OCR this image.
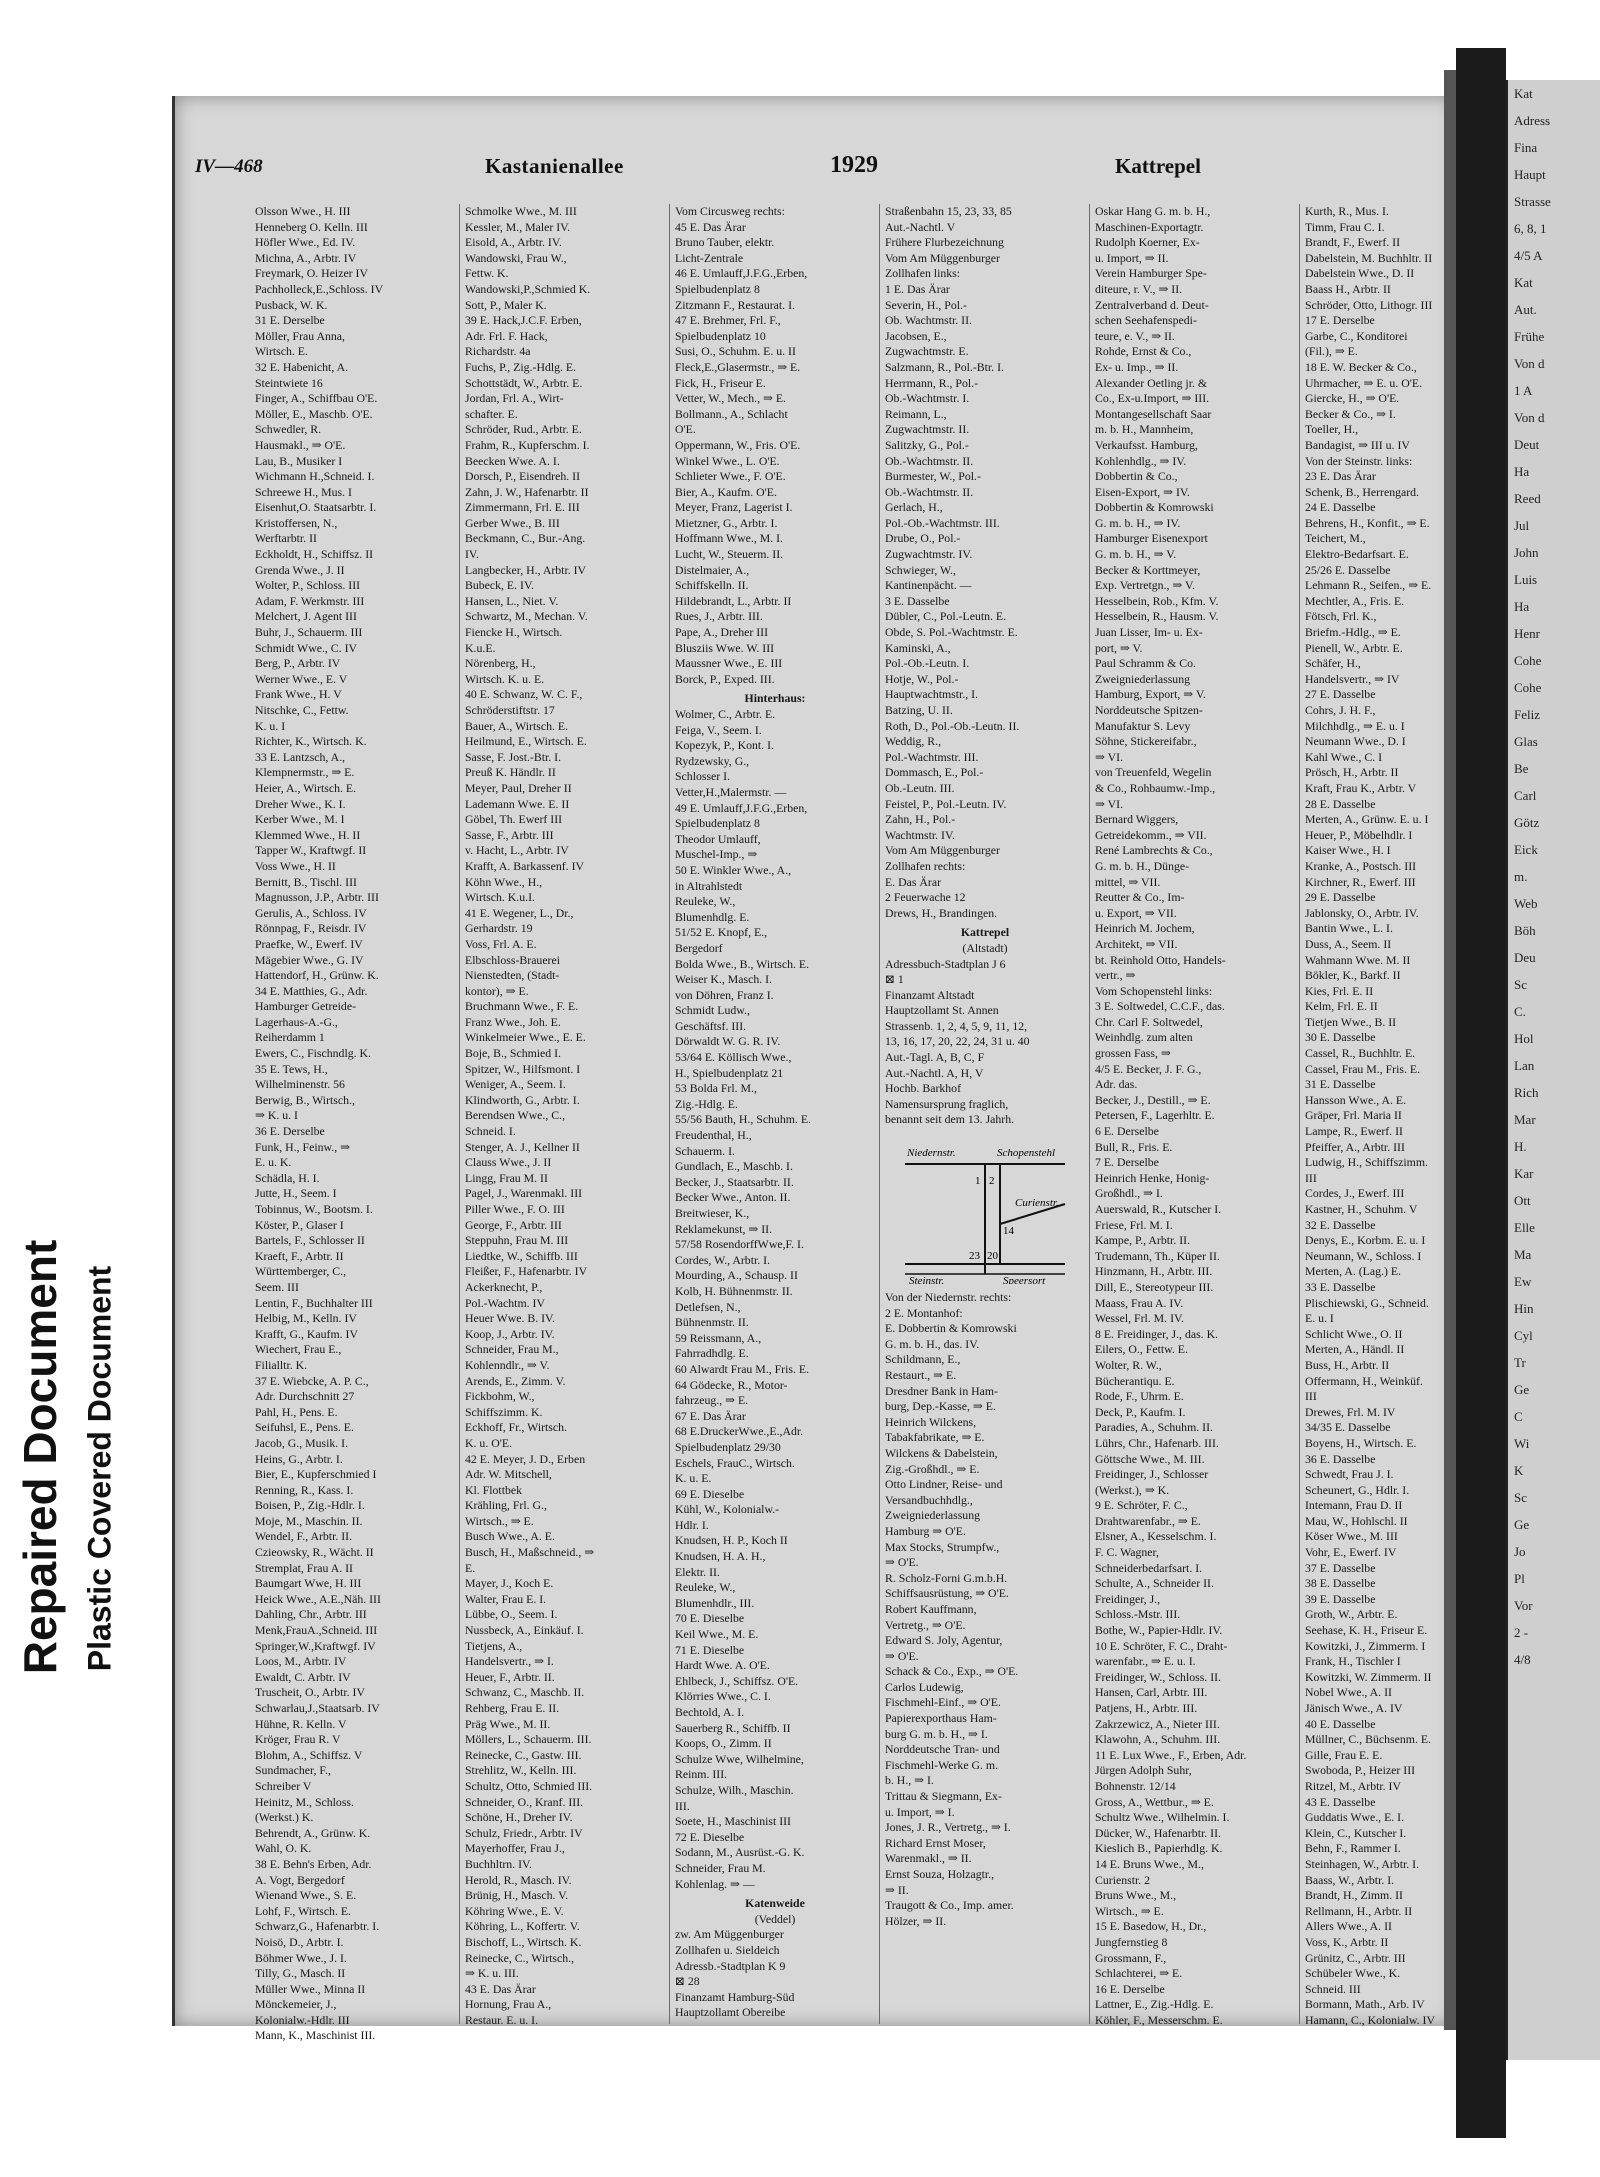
Repaired Document Plastic Covered Document
IV—468	Kastanienallee	1929	Kattrepel
Olsson Wwe., H. III
Henneberg O. Kelln. III
Höfler Wwe., Ed. IV.
Michna, A., Arbtr. IV
Freymark, O. Heizer IV
Pachholleck,E.,Schloss. IV
Pusback, W. K.
31 E. Derselbe
Möller, Frau Anna,
Wirtsch. E.
32 E. Habenicht, A.
Steintwiete 16
Finger, A., Schiffbau O'E.
Möller, E., Maschb. O'E.
Schwedler, R.
Hausmakl., ⇒ O'E.
Lau, B., Musiker I
Wichmann H.,Schneid. I.
Schreewe H., Mus. I
Eisenhut,O. Staatsarbtr. I.
Kristoffersen, N.,
Werftarbtr. II
Eckholdt, H., Schiffsz. II
Grenda Wwe., J. II
Wolter, P., Schloss. III
Adam, F. Werkmstr. III
Melchert, J. Agent III
Buhr, J., Schauerm. III
Schmidt Wwe., C. IV
Berg, P., Arbtr. IV
Werner Wwe., E. V
Frank Wwe., H. V
Nitschke, C., Fettw.
K. u. I
Richter, K., Wirtsch. K.
33 E. Lantzsch, A.,
Klempnermstr., ⇒ E.
Heier, A., Wirtsch. E.
Dreher Wwe., K. I.
Kerber Wwe., M. I
Klemmed Wwe., H. II
Tapper W., Kraftwgf. II
Voss Wwe., H. II
Bernitt, B., Tischl. III
Magnusson, J.P., Arbtr. III
Gerulis, A., Schloss. IV
Rönnpag, F., Reisdr. IV
Praefke, W., Ewerf. IV
Mägebier Wwe., G. IV
Hattendorf, H., Grünw. K.
34 E. Matthies, G., Adr.
Hamburger Getreide-
Lagerhaus-A.-G.,
Reiherdamm 1
Ewers, C., Fischndlg. K.
35 E. Tews, H.,
Wilhelminenstr. 56
Berwig, B., Wirtsch.,
⇒ K. u. I
36 E. Derselbe
Funk, H., Feinw., ⇒
E. u. K.
Schädla, H. I.
Jutte, H., Seem. I
Tobinnus, W., Bootsm. I.
Köster, P., Glaser I
Bartels, F., Schlosser II
Kraeft, F., Arbtr. II
Württemberger, C.,
Seem. III
Lentin, F., Buchhalter III
Helbig, M., Kelln. IV
Krafft, G., Kaufm. IV
Wiechert, Frau E.,
Filialltr. K.
37 E. Wiebcke, A. P. C.,
Adr. Durchschnitt 27
Pahl, H., Pens. E.
Seifuhsl, E., Pens. E.
Jacob, G., Musik. I.
Heins, G., Arbtr. I.
Bier, E., Kupferschmied I
Renning, R., Kass. I.
Boisen, P., Zig.-Hdlr. I.
Moje, M., Maschin. II.
Wendel, F., Arbtr. II.
Czieowsky, R., Wächt. II
Stremplat, Frau A. II
Baumgart Wwe, H. III
Heick Wwe., A.E.,Näh. III
Dahling, Chr., Arbtr. III
Menk,FrauA.,Schneid. III
Springer,W.,Kraftwgf. IV
Loos, M., Arbtr. IV
Ewaldt, C. Arbtr. IV
Truscheit, O., Arbtr. IV
Schwarlau,J.,Staatsarb. IV
Hühne, R. Kelln. V
Kröger, Frau R. V
Blohm, A., Schiffsz. V
Sundmacher, F.,
Schreiber V
Heinitz, M., Schloss.
(Werkst.) K.
Behrendt, A., Grünw. K.
Wahl, O. K.
38 E. Behn's Erben, Adr.
A. Vogt, Bergedorf
Wienand Wwe., S. E.
Lohf, F., Wirtsch. E.
Schwarz,G., Hafenarbtr. I.
Noisö, D., Arbtr. I.
Böhmer Wwe., J. I.
Tilly, G., Masch. II
Müller Wwe., Minna II
Mönckemeier, J.,
Kolonialw.-Hdlr. III
Mann, K., Maschinist III.
Schmolke Wwe., M. III
Kessler, M., Maler IV.
Eisold, A., Arbtr. IV.
Wandowski, Frau W.,
Fettw. K.
Wandowski,P.,Schmied K.
Sott, P., Maler K.
39 E. Hack,J.C.F. Erben,
Adr. Frl. F. Hack,
Richardstr. 4a
Fuchs, P., Zig.-Hdlg. E.
Schottstädt, W., Arbtr. E.
Jordan, Frl. A., Wirt-
schafter. E.
Schröder, Rud., Arbtr. E.
Frahm, R., Kupferschm. I.
Beecken Wwe. A. I.
Dorsch, P., Eisendreh. II
Zahn, J. W., Hafenarbtr. II
Zimmermann, Frl. E. III
Gerber Wwe., B. III
Beckmann, C., Bur.-Ang.
IV.
Langbecker, H., Arbtr. IV
Bubeck, E. IV.
Hansen, L., Niet. V.
Schwartz, M., Mechan. V.
Fiencke H., Wirtsch.
K.u.E.
Nörenberg, H.,
Wirtsch. K. u. E.
40 E. Schwanz, W. C. F.,
Schröderstiftstr. 17
Bauer, A., Wirtsch. E.
Heilmund, E., Wirtsch. E.
Sasse, F. Jost.-Btr. I.
Preuß K. Händlr. II
Meyer, Paul, Dreher II
Lademann Wwe. E. II
Göbel, Th. Ewerf III
Sasse, F., Arbtr. III
v. Hacht, L., Arbtr. IV
Krafft, A. Barkassenf. IV
Köhn Wwe., H.,
Wirtsch. K.u.I.
41 E. Wegener, L., Dr.,
Gerhardstr. 19
Voss, Frl. A. E.
Elbschloss-Brauerei
Nienstedten, (Stadt-
kontor), ⇒ E.
Bruchmann Wwe., F. E.
Franz Wwe., Joh. E.
Winkelmeier Wwe., E. E.
Boje, B., Schmied I.
Spitzer, W., Hilfsmont. I
Weniger, A., Seem. I.
Klindworth, G., Arbtr. I.
Berendsen Wwe., C.,
Schneid. I.
Stenger, A. J., Kellner II
Clauss Wwe., J. II
Lingg, Frau M. II
Pagel, J., Warenmakl. III
Piller Wwe., F. O. III
George, F., Arbtr. III
Steppuhn, Frau M. III
Liedtke, W., Schiffb. III
Fleißer, F., Hafenarbtr. IV
Ackerknecht, P.,
Pol.-Wachtm. IV
Heuer Wwe. B. IV.
Koop, J., Arbtr. IV.
Schneider, Frau M.,
Kohlenndlr., ⇒ V.
Arends, E., Zimm. V.
Fickbohm, W.,
Schiffszimm. K.
Eckhoff, Fr., Wirtsch.
K. u. O'E.
42 E. Meyer, J. D., Erben
Adr. W. Mitschell,
Kl. Flottbek
Krähling, Frl. G.,
Wirtsch., ⇒ E.
Busch Wwe., A. E.
Busch, H., Maßschneid., ⇒
E.
Mayer, J., Koch E.
Walter, Frau E. I.
Lübbe, O., Seem. I.
Nussbeck, A., Einkäuf. I.
Tietjens, A.,
Handelsvertr., ⇒ I.
Heuer, F., Arbtr. II.
Schwanz, C., Maschb. II.
Rehberg, Frau E. II.
Präg Wwe., M. II.
Möllers, L., Schauerm. III.
Reinecke, C., Gastw. III.
Strehlitz, W., Kelln. III.
Schultz, Otto, Schmied III.
Schneider, O., Kranf. III.
Schöne, H., Dreher IV.
Schulz, Friedr., Arbtr. IV
Mayerhoffer, Frau J.,
Buchhltrn. IV.
Herold, R., Masch. IV.
Brünig, H., Masch. V.
Köhring Wwe., E. V.
Köhring, L., Koffertr. V.
Bischoff, L., Wirtsch. K.
Reinecke, C., Wirtsch.,
⇒ K. u. III.
43 E. Das Ärar
Hornung, Frau A.,
Restaur. E. u. I.
Vom Circusweg rechts:
45 E. Das Ärar
Bruno Tauber, elektr.
Licht-Zentrale
46 E. Umlauff,J.F.G.,Erben,
Spielbudenplatz 8
Zitzmann F., Restaurat. I.
47 E. Brehmer, Frl. F.,
Spielbudenplatz 10
Susi, O., Schuhm. E. u. II
Fleck,E.,Glasermstr., ⇒ E.
Fick, H., Friseur E.
Vetter, W., Mech., ⇒ E.
Bollmann., A., Schlacht
O'E.
Oppermann, W., Fris. O'E.
Winkel Wwe., L. O'E.
Schlieter Wwe., F. O'E.
Bier, A., Kaufm. O'E.
Meyer, Franz, Lagerist I.
Mietzner, G., Arbtr. I.
Hoffmann Wwe., M. I.
Lucht, W., Steuerm. II.
Distelmaier, A.,
Schiffskelln. II.
Hildebrandt, L., Arbtr. II
Rues, J., Arbtr. III.
Pape, A., Dreher III
Blusziis Wwe. W. III
Maussner Wwe., E. III
Borck, P., Exped. III.
Hinterhaus:
Wolmer, C., Arbtr. E.
Feiga, V., Seem. I.
Kopezyk, P., Kont. I.
Rydzewsky, G.,
Schlosser I.
Vetter,H.,Malermstr. —
49 E. Umlauff,J.F.G.,Erben,
Spielbudenplatz 8
Theodor Umlauff,
Muschel-Imp., ⇒
50 E. Winkler Wwe., A.,
in Altrahlstedt
Reuleke, W.,
Blumenhdlg. E.
51/52 E. Knopf, E.,
Bergedorf
Bolda Wwe., B., Wirtsch. E.
Weiser K., Masch. I.
von Döhren, Franz I.
Schmidt Ludw.,
Geschäftsf. III.
Dörwaldt W. G. R. IV.
53/64 E. Köllisch Wwe.,
H., Spielbudenplatz 21
53 Bolda Frl. M.,
Zig.-Hdlg. E.
55/56 Bauth, H., Schuhm. E.
Freudenthal, H.,
Schauerm. I.
Gundlach, E., Maschb. I.
Becker, J., Staatsarbtr. II.
Becker Wwe., Anton. II.
Breitwieser, K.,
Reklamekunst, ⇒ II.
57/58 RosendorffWwe,F. I.
Cordes, W., Arbtr. I.
Mourding, A., Schausp. II
Kolb, H. Bühnenmstr. II.
Detlefsen, N.,
Bühnenmstr. II.
59 Reissmann, A.,
Fahrradhdlg. E.
60 Alwardt Frau M., Fris. E.
64 Gödecke, R., Motor-
fahrzeug., ⇒ E.
67 E. Das Ärar
68 E.DruckerWwe.,E.,Adr.
Spielbudenplatz 29/30
Eschels, FrauC., Wirtsch.
K. u. E.
69 E. Dieselbe
Kühl, W., Kolonialw.-
Hdlr. I.
Knudsen, H. P., Koch II
Knudsen, H. A. H.,
Elektr. II.
Reuleke, W.,
Blumenhdlr., III.
70 E. Dieselbe
Keil Wwe., M. E.
71 E. Dieselbe
Hardt Wwe. A. O'E.
Ehlbeck, J., Schiffsz. O'E.
Klörries Wwe., C. I.
Bechtold, A. I.
Sauerberg R., Schiffb. II
Koops, O., Zimm. II
Schulze Wwe, Wilhelmine,
Reinm. III.
Schulze, Wilh., Maschin.
III.
Soete, H., Maschinist III
72 E. Dieselbe
Sodann, M., Ausrüst.-G. K.
Schneider, Frau M.
Kohlenlag. ⇒ —
Katenweide
(Veddel)
zw. Am Müggenburger
Zollhafen u. Sieldeich
Adressb.-Stadtplan K 9
⊠ 28
Finanzamt Hamburg-Süd
Hauptzollamt Obereibe
Straßenbahn 15, 23, 33, 85
Aut.-Nachtl. V
Frühere Flurbezeichnung
Vom Am Müggenburger
Zollhafen links:
1 E. Das Ärar
Severin, H., Pol.-
Ob. Wachtmstr. II.
Jacobsen, E.,
Zugwachtmstr. E.
Salzmann, R., Pol.-Btr. I.
Herrmann, R., Pol.-
Ob.-Wachtmstr. I.
Reimann, L.,
Zugwachtmstr. II.
Salitzky, G., Pol.-
Ob.-Wachtmstr. II.
Burmester, W., Pol.-
Ob.-Wachtmstr. II.
Gerlach, H.,
Pol.-Ob.-Wachtmstr. III.
Drube, O., Pol.-
Zugwachtmstr. IV.
Schwieger, W.,
Kantinenpächt. —
3 E. Dasselbe
Dübler, C., Pol.-Leutn. E.
Obde, S. Pol.-Wachtmstr. E.
Kaminski, A.,
Pol.-Ob.-Leutn. I.
Hotje, W., Pol.-
Hauptwachtmstr., I.
Batzing, U. II.
Roth, D., Pol.-Ob.-Leutn. II.
Weddig, R.,
Pol.-Wachtmstr. III.
Dommasch, E., Pol.-
Ob.-Leutn. III.
Feistel, P., Pol.-Leutn. IV.
Zahn, H., Pol.-
Wachtmstr. IV.
Vom Am Müggenburger
Zollhafen rechts:
E. Das Ärar
2 Feuerwache 12
Drews, H., Brandingen.
Kattrepel
(Altstadt)
Adressbuch-Stadtplan J 6
⊠ 1
Finanzamt Altstadt
Hauptzollamt St. Annen
Strassenb. 1, 2, 4, 5, 9, 11, 12,
13, 16, 17, 20, 22, 24, 31 u. 40
Aut.-Tagl. A, B, C, F
Aut.-Nachtl. A, H, V
Hochb. Barkhof
Namensursprung fraglich,
benannt seit dem 13. Jahrh.
Niedernstr.	Schopenstehl
Curienstr.
Steinstr.	Speersort
1 2
14
23 20
Von der Niedernstr. rechts:
2 E. Montanhof:
E. Dobbertin & Komrowski
G. m. b. H., das. IV.
Schildmann, E.,
Restaurt., ⇒ E.
Dresdner Bank in Ham-
burg, Dep.-Kasse, ⇒ E.
Heinrich Wilckens,
Tabakfabrikate, ⇒ E.
Wilckens & Dabelstein,
Zig.-Großhdl., ⇒ E.
Otto Lindner, Reise- und
Versandbuchhdlg.,
Zweigniederlassung
Hamburg ⇒ O'E.
Max Stocks, Strumpfw.,
⇒ O'E.
R. Scholz-Forni G.m.b.H.
Schiffsausrüstung, ⇒ O'E.
Robert Kauffmann,
Vertretg., ⇒ O'E.
Edward S. Joly, Agentur,
⇒ O'E.
Schack & Co., Exp., ⇒ O'E.
Carlos Ludewig,
Fischmehl-Einf., ⇒ O'E.
Papierexporthaus Ham-
burg G. m. b. H., ⇒ I.
Norddeutsche Tran- und
Fischmehl-Werke G. m.
b. H., ⇒ I.
Trittau & Siegmann, Ex-
u. Import, ⇒ I.
Jones, J. R., Vertretg., ⇒ I.
Richard Ernst Moser,
Warenmakl., ⇒ II.
Ernst Souza, Holzagtr.,
⇒ II.
Traugott & Co., Imp. amer.
Hölzer, ⇒ II.
Oskar Hang G. m. b. H.,
Maschinen-Exportagtr.
Rudolph Koerner, Ex-
u. Import, ⇒ II.
Verein Hamburger Spe-
diteure, r. V., ⇒ II.
Zentralverband d. Deut-
schen Seehafenspedi-
teure, e. V., ⇒ II.
Rohde, Ernst & Co.,
Ex- u. Imp., ⇒ II.
Alexander Oetling jr. &
Co., Ex-u.Import, ⇒ III.
Montangesellschaft Saar
m. b. H., Mannheim,
Verkaufsst. Hamburg,
Kohlenhdlg., ⇒ IV.
Dobbertin & Co.,
Eisen-Export, ⇒ IV.
Dobbertin & Komrowski
G. m. b. H., ⇒ IV.
Hamburger Eisenexport
G. m. b. H., ⇒ V.
Becker & Korttmeyer,
Exp. Vertretgn., ⇒ V.
Hesselbein, Rob., Kfm. V.
Hesselbein, R., Hausm. V.
Juan Lisser, Im- u. Ex-
port, ⇒ V.
Paul Schramm & Co.
Zweigniederlassung
Hamburg, Export, ⇒ V.
Norddeutsche Spitzen-
Manufaktur S. Levy
Söhne, Stickereifabr.,
⇒ VI.
von Treuenfeld, Wegelin
& Co., Rohbaumw.-Imp.,
⇒ VI.
Bernard Wiggers,
Getreidekomm., ⇒ VII.
René Lambrechts & Co.,
G. m. b. H., Dünge-
mittel, ⇒ VII.
Reutter & Co., Im-
u. Export, ⇒ VII.
Heinrich M. Jochem,
Architekt, ⇒ VII.
bt. Reinhold Otto, Handels-
vertr., ⇒
Vom Schopenstehl links:
3 E. Soltwedel, C.C.F., das.
Chr. Carl F. Soltwedel,
Weinhdlg. zum alten
grossen Fass, ⇒
4/5 E. Becker, J. F. G.,
Adr. das.
Becker, J., Destill., ⇒ E.
Petersen, F., Lagerhltr. E.
6 E. Derselbe
Bull, R., Fris. E.
7 E. Derselbe
Heinrich Henke, Honig-
Großhdl., ⇒ I.
Auerswald, R., Kutscher I.
Friese, Frl. M. I.
Kampe, P., Arbtr. II.
Trudemann, Th., Küper II.
Hinzmann, H., Arbtr. III.
Dill, E., Stereotypeur III.
Maass, Frau A. IV.
Wessel, Frl. M. IV.
8 E. Freidinger, J., das. K.
Eilers, O., Fettw. E.
Wolter, R. W.,
Bücherantiqu. E.
Rode, F., Uhrm. E.
Deck, P., Kaufm. I.
Paradies, A., Schuhm. II.
Lührs, Chr., Hafenarb. III.
Göttsche Wwe., M. III.
Freidinger, J., Schlosser
(Werkst.), ⇒ K.
9 E. Schröter, F. C.,
Drahtwarenfabr., ⇒ E.
Elsner, A., Kesselschm. I.
F. C. Wagner,
Schneiderbedarfsart. I.
Schulte, A., Schneider II.
Freidinger, J.,
Schloss.-Mstr. III.
Bothe, W., Papier-Hdlr. IV.
10 E. Schröter, F. C., Draht-
warenfabr., ⇒ E. u. I.
Freidinger, W., Schloss. II.
Hansen, Carl, Arbtr. III.
Patjens, H., Arbtr. III.
Zakrzewicz, A., Nieter III.
Klawohn, A., Schuhm. III.
11 E. Lux Wwe., F., Erben, Adr.
Jürgen Adolph Suhr,
Bohnenstr. 12/14
Gross, A., Wettbur., ⇒ E.
Schultz Wwe., Wilhelmin. I.
Dücker, W., Hafenarbtr. II.
Kieslich B., Papierhdlg. K.
14 E. Bruns Wwe., M.,
Curienstr. 2
Bruns Wwe., M.,
Wirtsch., ⇒ E.
15 E. Basedow, H., Dr.,
Jungfernstieg 8
Grossmann, F.,
Schlachterei, ⇒ E.
16 E. Derselbe
Lattner, E., Zig.-Hdlg. E.
Köhler, F., Messerschm. E.
Kurth, R., Mus. I.
Timm, Frau C. I.
Brandt, F., Ewerf. II
Dabelstein, M. Buchhltr. II
Dabelstein Wwe., D. II
Baass H., Arbtr. II
Schröder, Otto, Lithogr. III
17 E. Derselbe
Garbe, C., Konditorei
(Fil.), ⇒ E.
18 E. W. Becker & Co.,
Uhrmacher, ⇒ E. u. O'E.
Giercke, H., ⇒ O'E.
Becker & Co., ⇒ I.
Toeller, H.,
Bandagist, ⇒ III u. IV
Von der Steinstr. links:
23 E. Das Ärar
Schenk, B., Herrengard.
24 E. Dasselbe
Behrens, H., Konfit., ⇒ E.
Teichert, M.,
Elektro-Bedarfsart. E.
25/26 E. Dasselbe
Lehmann R., Seifen., ⇒ E.
Mechtler, A., Fris. E.
Fötsch, Frl. K.,
Briefm.-Hdlg., ⇒ E.
Pienell, W., Arbtr. E.
Schäfer, H.,
Handelsvertr., ⇒ IV
27 E. Dasselbe
Cohrs, J. H. F.,
Milchhdlg., ⇒ E. u. I
Neumann Wwe., D. I
Kahl Wwe., C. I
Prösch, H., Arbtr. II
Kraft, Frau K., Arbtr. V
28 E. Dasselbe
Merten, A., Grünw. E. u. I
Heuer, P., Möbelhdlr. I
Kaiser Wwe., H. I
Kranke, A., Postsch. III
Kirchner, R., Ewerf. III
29 E. Dasselbe
Jablonsky, O., Arbtr. IV.
Bantin Wwe., L. I.
Duss, A., Seem. II
Wahmann Wwe. M. II
Bökler, K., Barkf. II
Kies, Frl. E. II
Kelm, Frl. E. II
Tietjen Wwe., B. II
30 E. Dasselbe
Cassel, R., Buchhltr. E.
Cassel, Frau M., Fris. E.
31 E. Dasselbe
Hansson Wwe., A. E.
Gräper, Frl. Maria II
Lampe, R., Ewerf. II
Pfeiffer, A., Arbtr. III
Ludwig, H., Schiffszimm.
III
Cordes, J., Ewerf. III
Kastner, H., Schuhm. V
32 E. Dasselbe
Denys, E., Korbm. E. u. I
Neumann, W., Schloss. I
Merten, A. (Lag.) E.
33 E. Dasselbe
Plischiewski, G., Schneid.
E. u. I
Schlicht Wwe., O. II
Merten, A., Händl. II
Buss, H., Arbtr. II
Offermann, H., Weinküf.
III
Drewes, Frl. M. IV
34/35 E. Dasselbe
Boyens, H., Wirtsch. E.
36 E. Dasselbe
Schwedt, Frau J. I.
Scheunert, G., Hdlr. I.
Intemann, Frau D. II
Mau, W., Hohlschl. II
Köser Wwe., M. III
Vohr, E., Ewerf. IV
37 E. Dasselbe
38 E. Dasselbe
39 E. Dasselbe
Groth, W., Arbtr. E.
Seehase, K. H., Friseur E.
Kowitzki, J., Zimmerm. I
Frank, H., Tischler I
Kowitzki, W. Zimmerm. II
Nobel Wwe., A. II
Jänisch Wwe., A. IV
40 E. Dasselbe
Müllner, C., Büchsenm. E.
Gille, Frau E. E.
Swoboda, P., Heizer III
Ritzel, M., Arbtr. IV
43 E. Dasselbe
Guddatis Wwe., E. I.
Klein, C., Kutscher I.
Behn, F., Rammer I.
Steinhagen, W., Arbtr. I.
Baass, W., Arbtr. I.
Brandt, H., Zimm. II
Rellmann, H., Arbtr. II
Allers Wwe., A. II
Voss, K., Arbtr. II
Grünitz, C., Arbtr. III
Schübeler Wwe., K.
Schneid. III
Bormann, Math., Arb. IV
Hamann, C., Kolonialw. IV
Kat
Adress
Fina
Haupt
Strasse
6, 8, 1
4/5 A
Kat
Aut.
Frühe
Von d
1 A
Von d
Deut
Ha
Reed
Jul
John
Luis
Ha
Henr
Cohe
Cohe
Feliz
Glas
Be
Carl
Götz
Eick
m.
Web
Böh
Deu
Sc
C.
Hol
Lan
Rich
Mar
H.
Kar
Ott
Elle
Ma
Ew
Hin
Cyl
Tr
Ge
C
Wi
K
Sc
Ge
Jo
Pl
Vor
2 -
4/8
